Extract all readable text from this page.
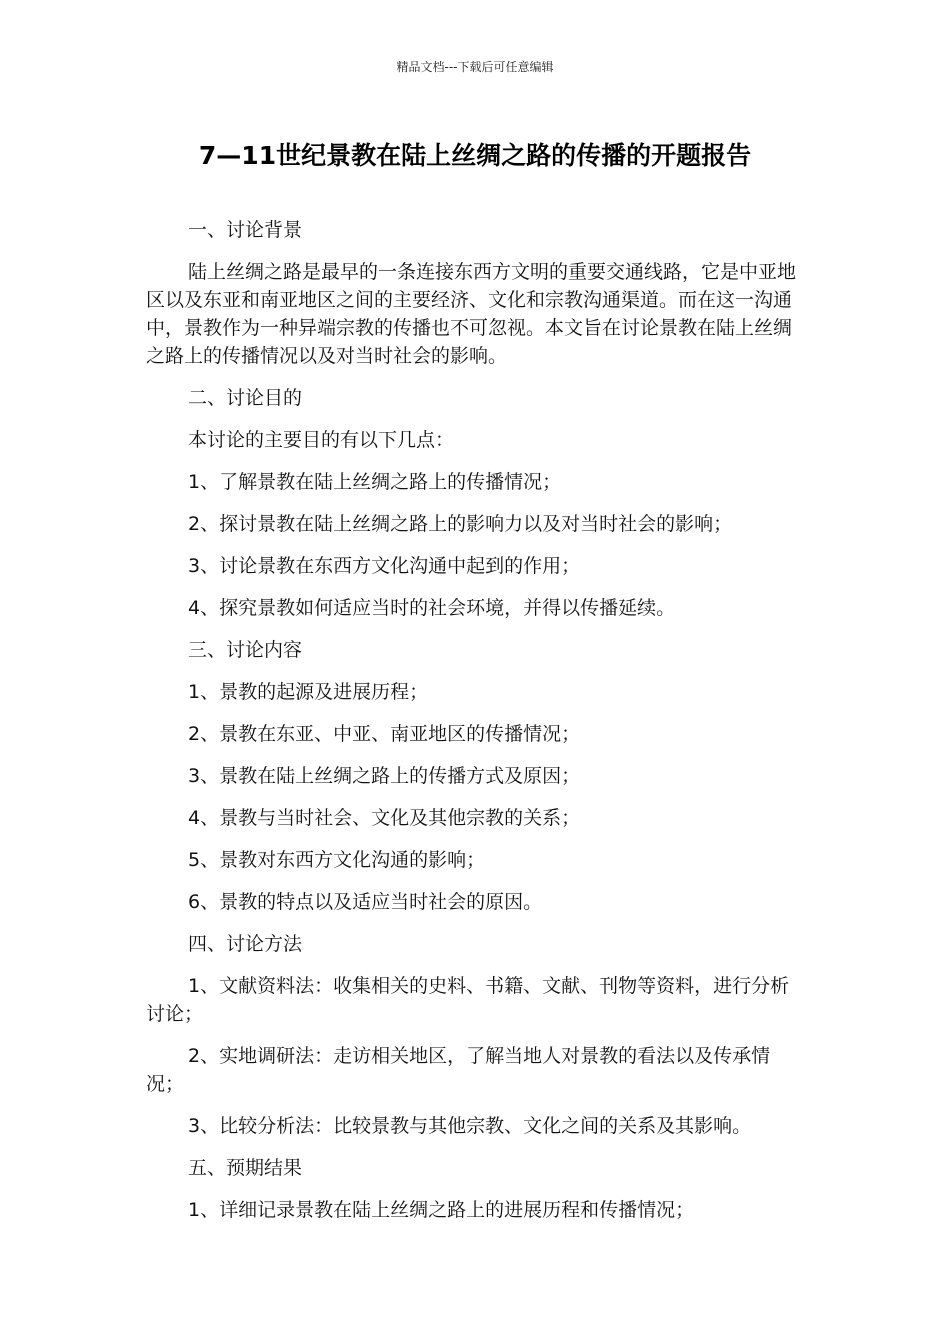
精品文档---下载后可任意编辑
7—11世纪景教在陆上丝绸之路的传播的开题报告

一、讨论背景

陆上丝绸之路是最早的一条连接东西方文明的重要交通线路，它是中亚地区以及东亚和南亚地区之间的主要经济、文化和宗教沟通渠道。而在这一沟通中，景教作为一种异端宗教的传播也不可忽视。本文旨在讨论景教在陆上丝绸之路上的传播情况以及对当时社会的影响。

二、讨论目的

本讨论的主要目的有以下几点：

1、了解景教在陆上丝绸之路上的传播情况；

2、探讨景教在陆上丝绸之路上的影响力以及对当时社会的影响；

3、讨论景教在东西方文化沟通中起到的作用；

4、探究景教如何适应当时的社会环境，并得以传播延续。

三、讨论内容

1、景教的起源及进展历程；

2、景教在东亚、中亚、南亚地区的传播情况；

3、景教在陆上丝绸之路上的传播方式及原因；

4、景教与当时社会、文化及其他宗教的关系；

5、景教对东西方文化沟通的影响；

6、景教的特点以及适应当时社会的原因。

四、讨论方法

1、文献资料法：收集相关的史料、书籍、文献、刊物等资料，进行分析讨论；

2、实地调研法：走访相关地区，了解当地人对景教的看法以及传承情况；

3、比较分析法：比较景教与其他宗教、文化之间的关系及其影响。

五、预期结果

1、详细记录景教在陆上丝绸之路上的进展历程和传播情况；
